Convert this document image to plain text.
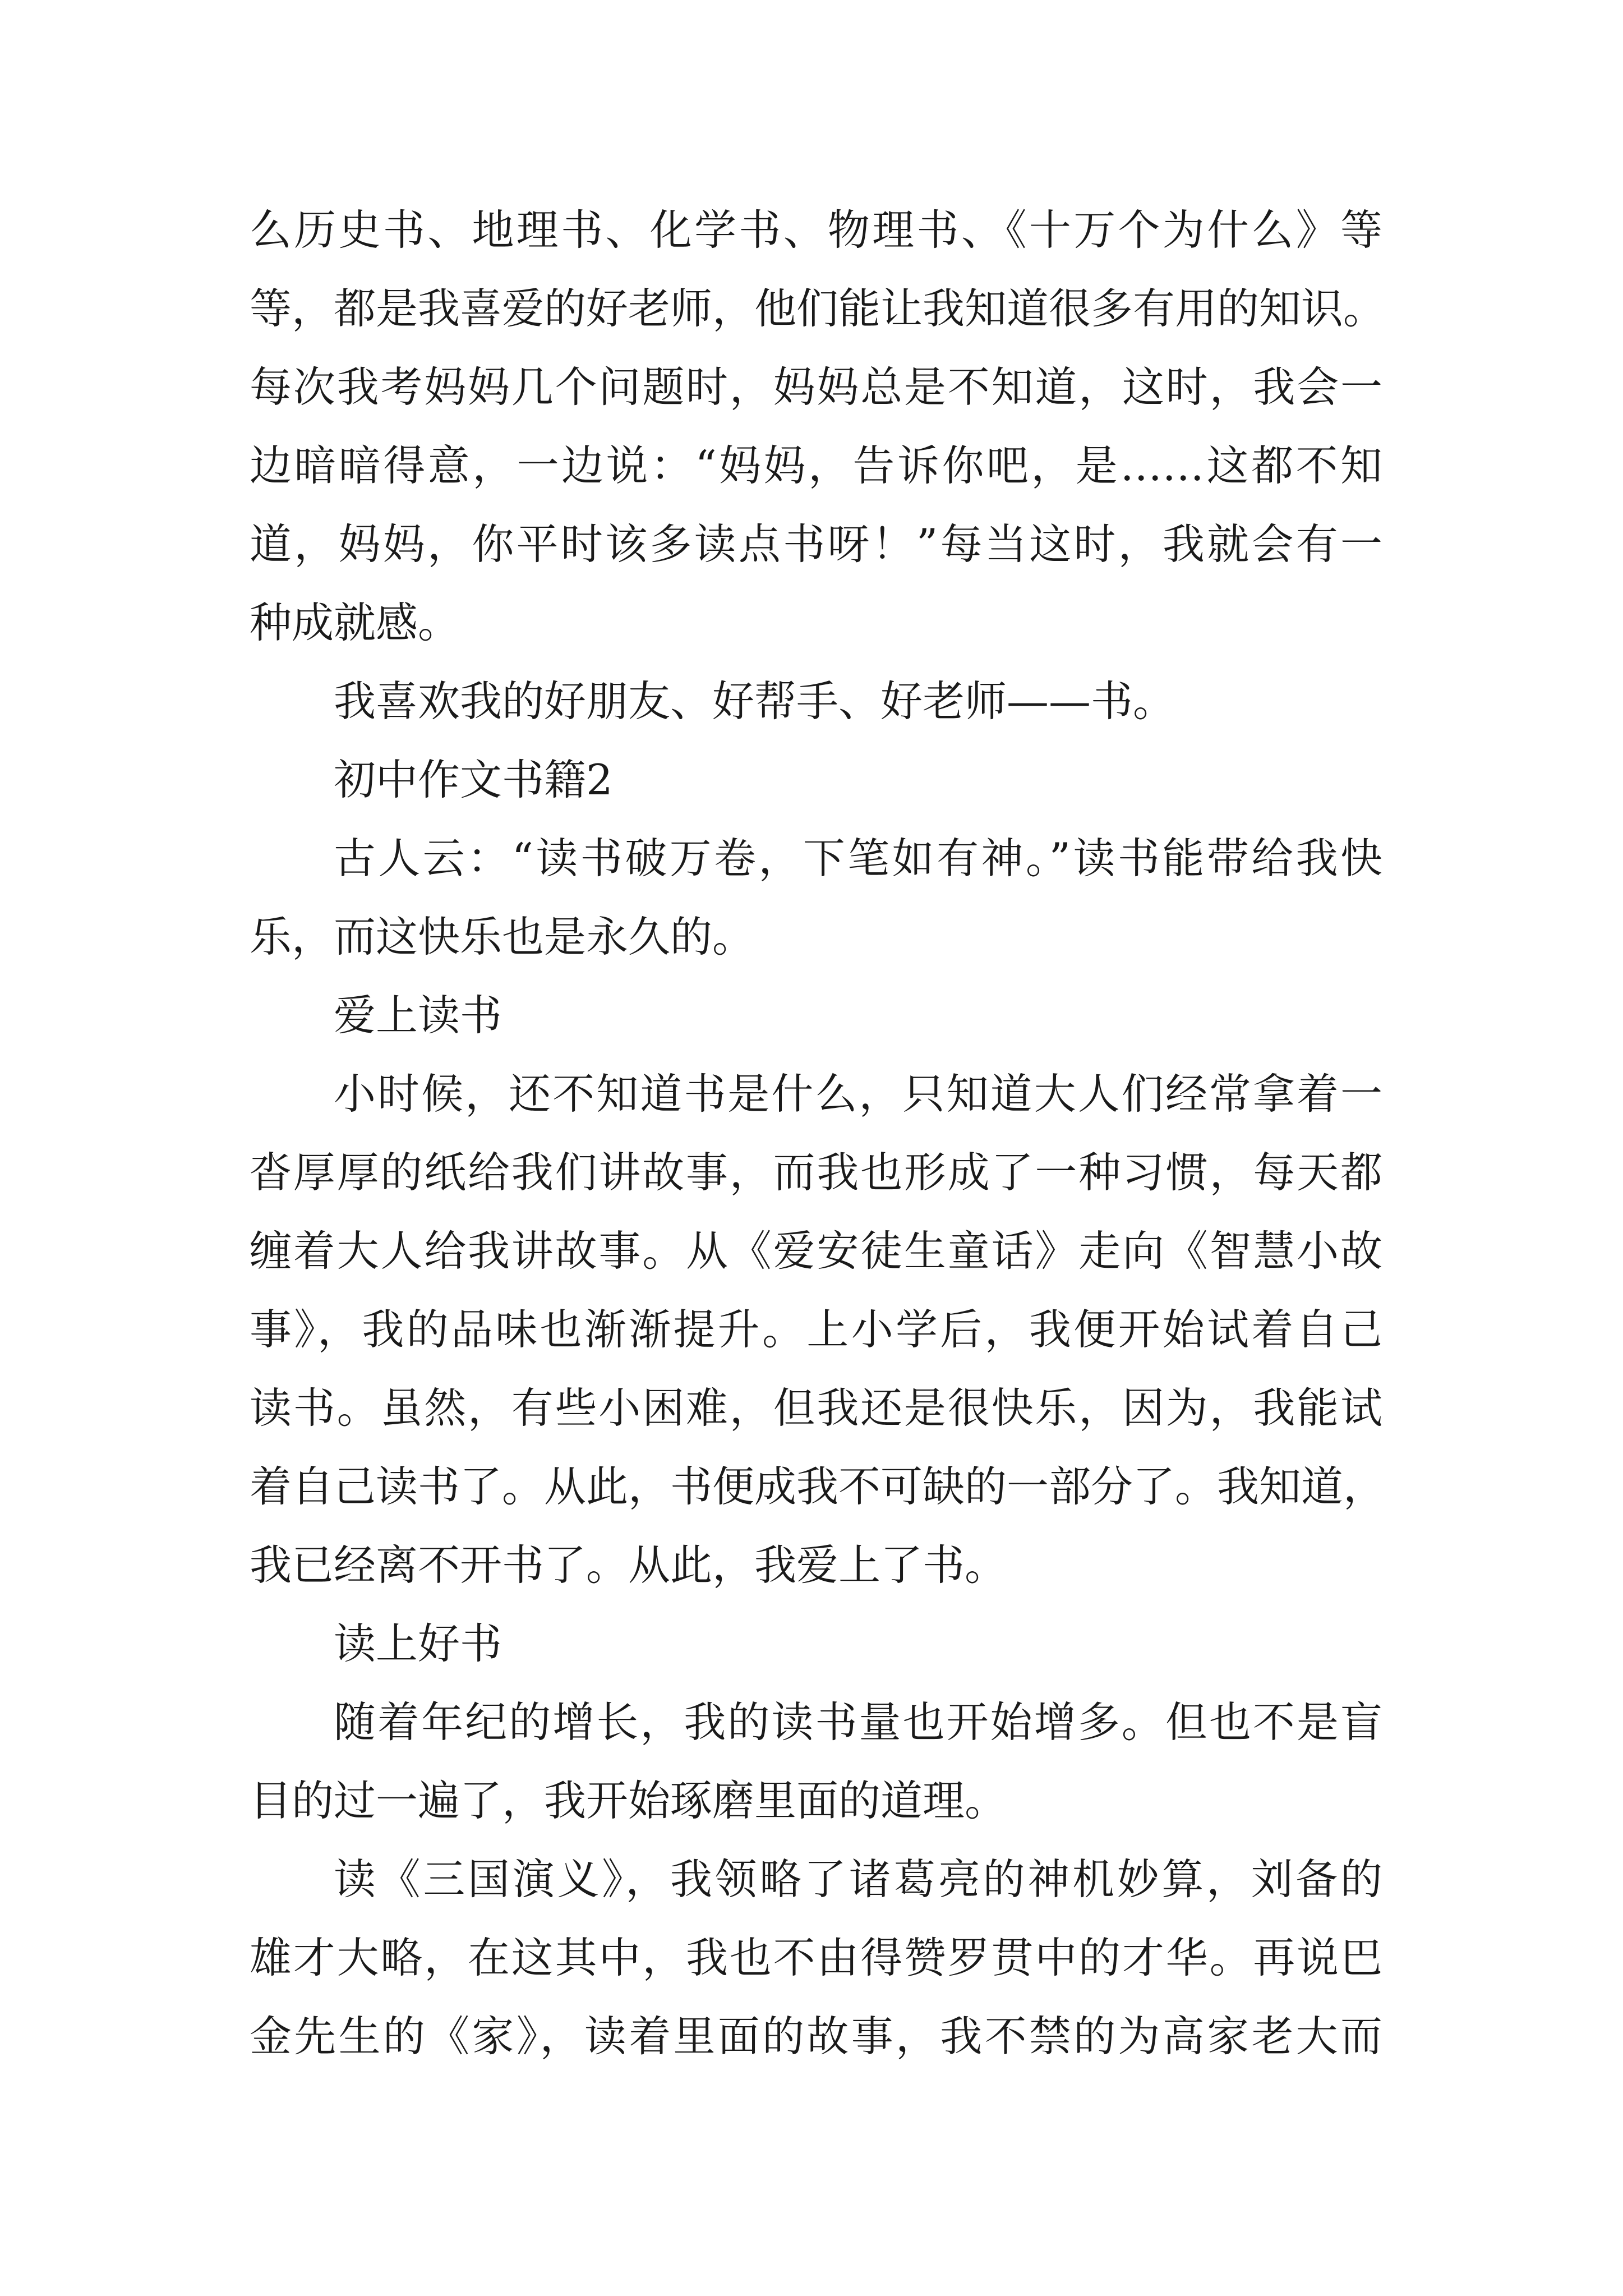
么历史书、地理书、化学书、物理书、《十万个为什么》等
等，都是我喜爱的好老师，他们能让我知道很多有用的知识。
每次我考妈妈几个问题时，妈妈总是不知道，这时，我会一
边暗暗得意，一边说：“妈妈，告诉你吧，是……这都不知
道，妈妈，你平时该多读点书呀！”每当这时，我就会有一
种成就感。
我喜欢我的好朋友、好帮手、好老师——书。
初中作文书籍2
古人云：“读书破万卷，下笔如有神。”读书能带给我快
乐，而这快乐也是永久的。
爱上读书
小时候，还不知道书是什么，只知道大人们经常拿着一
沓厚厚的纸给我们讲故事，而我也形成了一种习惯，每天都
缠着大人给我讲故事。从《爱安徒生童话》走向《智慧小故
事》，我的品味也渐渐提升。上小学后，我便开始试着自己
读书。虽然，有些小困难，但我还是很快乐，因为，我能试
着自己读书了。从此，书便成我不可缺的一部分了。我知道，
我已经离不开书了。从此，我爱上了书。
读上好书
随着年纪的增长，我的读书量也开始增多。但也不是盲
目的过一遍了，我开始琢磨里面的道理。
读《三国演义》，我领略了诸葛亮的神机妙算，刘备的
雄才大略，在这其中，我也不由得赞罗贯中的才华。再说巴
金先生的《家》，读着里面的故事，我不禁的为高家老大而
